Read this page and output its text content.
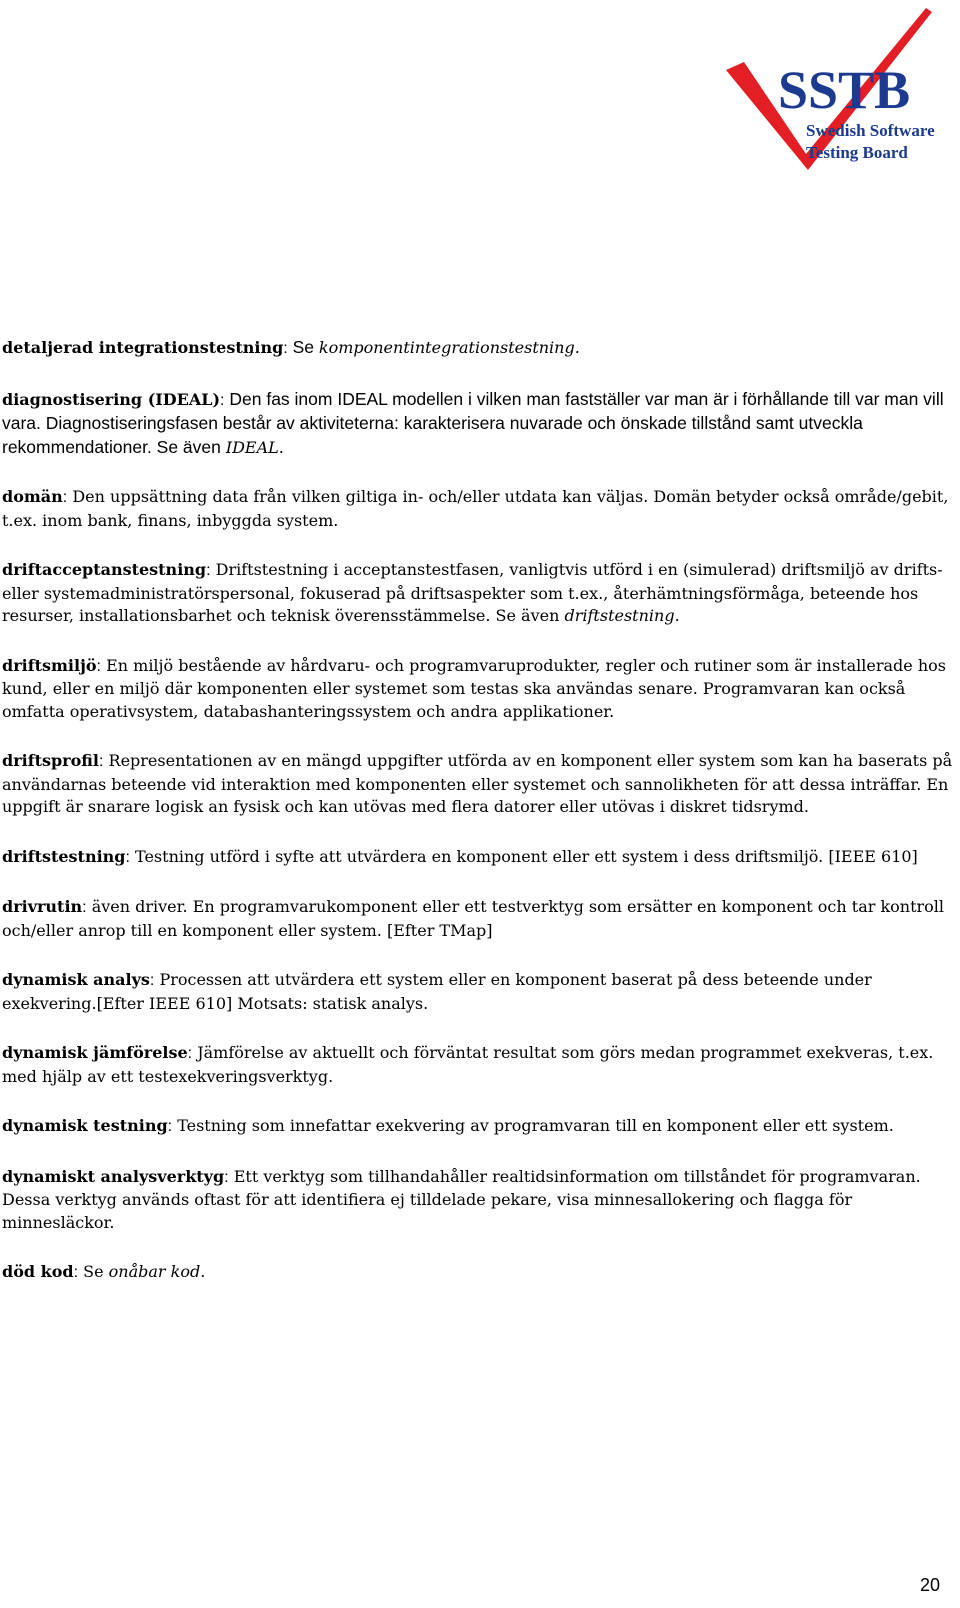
SSTB
Swedish Software
Testing Board

detaljerad integrationstestning: Se komponentintegrationstestning.

diagnostisering (IDEAL): Den fas inom IDEAL modellen i vilken man fastställer var man är i förhållande till var man vill vara. Diagnostiseringsfasen består av aktiviteterna: karakterisera nuvarade och önskade tillstånd samt utveckla rekommendationer. Se även IDEAL.

domän: Den uppsättning data från vilken giltiga in- och/eller utdata kan väljas. Domän betyder också område/gebit, t.ex. inom bank, finans, inbyggda system.

driftacceptanstestning: Driftstestning i acceptanstestfasen, vanligtvis utförd i en (simulerad) driftsmiljö av drifts- eller systemadministratörspersonal, fokuserad på driftsaspekter som t.ex., återhämtningsförmåga, beteende hos resurser, installationsbarhet och teknisk överensstämmelse. Se även driftstestning.

driftsmiljö: En miljö bestående av hårdvaru- och programvaruprodukter, regler och rutiner som är installerade hos kund, eller en miljö där komponenten eller systemet som testas ska användas senare. Programvaran kan också omfatta operativsystem, databashanteringssystem och andra applikationer.

driftsprofil: Representationen av en mängd uppgifter utförda av en komponent eller system som kan ha baserats på användarnas beteende vid interaktion med komponenten eller systemet och sannolikheten för att dessa inträffar. En uppgift är snarare logisk an fysisk och kan utövas med flera datorer eller utövas i diskret tidsrymd.

driftstestning: Testning utförd i syfte att utvärdera en komponent eller ett system i dess driftsmiljö. [IEEE 610]

drivrutin: även driver. En programvarukomponent eller ett testverktyg som ersätter en komponent och tar kontroll och/eller anrop till en komponent eller system. [Efter TMap]

dynamisk analys: Processen att utvärdera ett system eller en komponent baserat på dess beteende under exekvering.[Efter IEEE 610] Motsats: statisk analys.

dynamisk jämförelse: Jämförelse av aktuellt och förväntat resultat som görs medan programmet exekveras, t.ex. med hjälp av ett testexekveringsverktyg.

dynamisk testning: Testning som innefattar exekvering av programvaran till en komponent eller ett system.

dynamiskt analysverktyg: Ett verktyg som tillhandahåller realtidsinformation om tillståndet för programvaran. Dessa verktyg används oftast för att identifiera ej tilldelade pekare, visa minnesallokering och flagga för minnesläckor.

död kod: Se onåbar kod.

20
